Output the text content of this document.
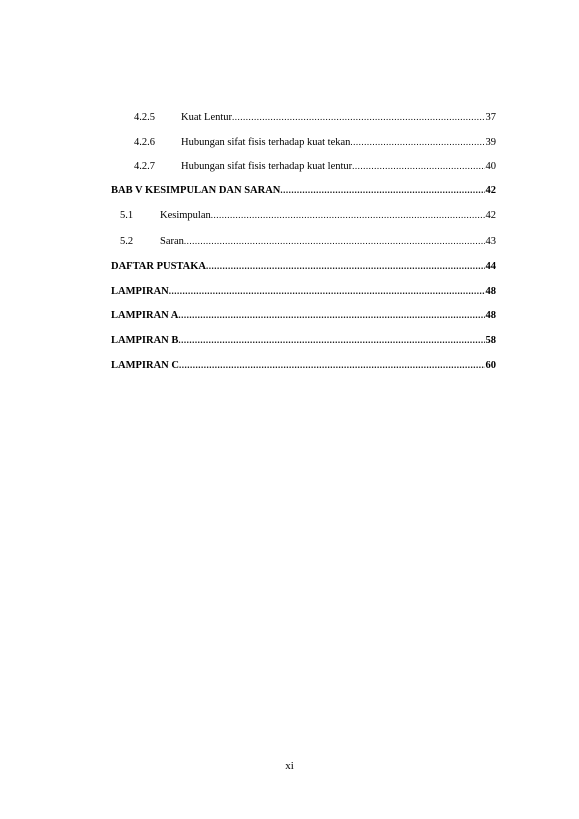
4.2.5	Kuat Lentur .....	37
4.2.6	Hubungan sifat fisis terhadap kuat tekan .....	39
4.2.7	Hubungan sifat fisis terhadap kuat lentur .....	40
BAB V KESIMPULAN DAN SARAN .....	42
5.1	Kesimpulan .....	42
5.2	Saran .....	43
DAFTAR PUSTAKA .....	44
LAMPIRAN .....	48
LAMPIRAN A .....	48
LAMPIRAN B .....	58
LAMPIRAN C .....	60
xi
